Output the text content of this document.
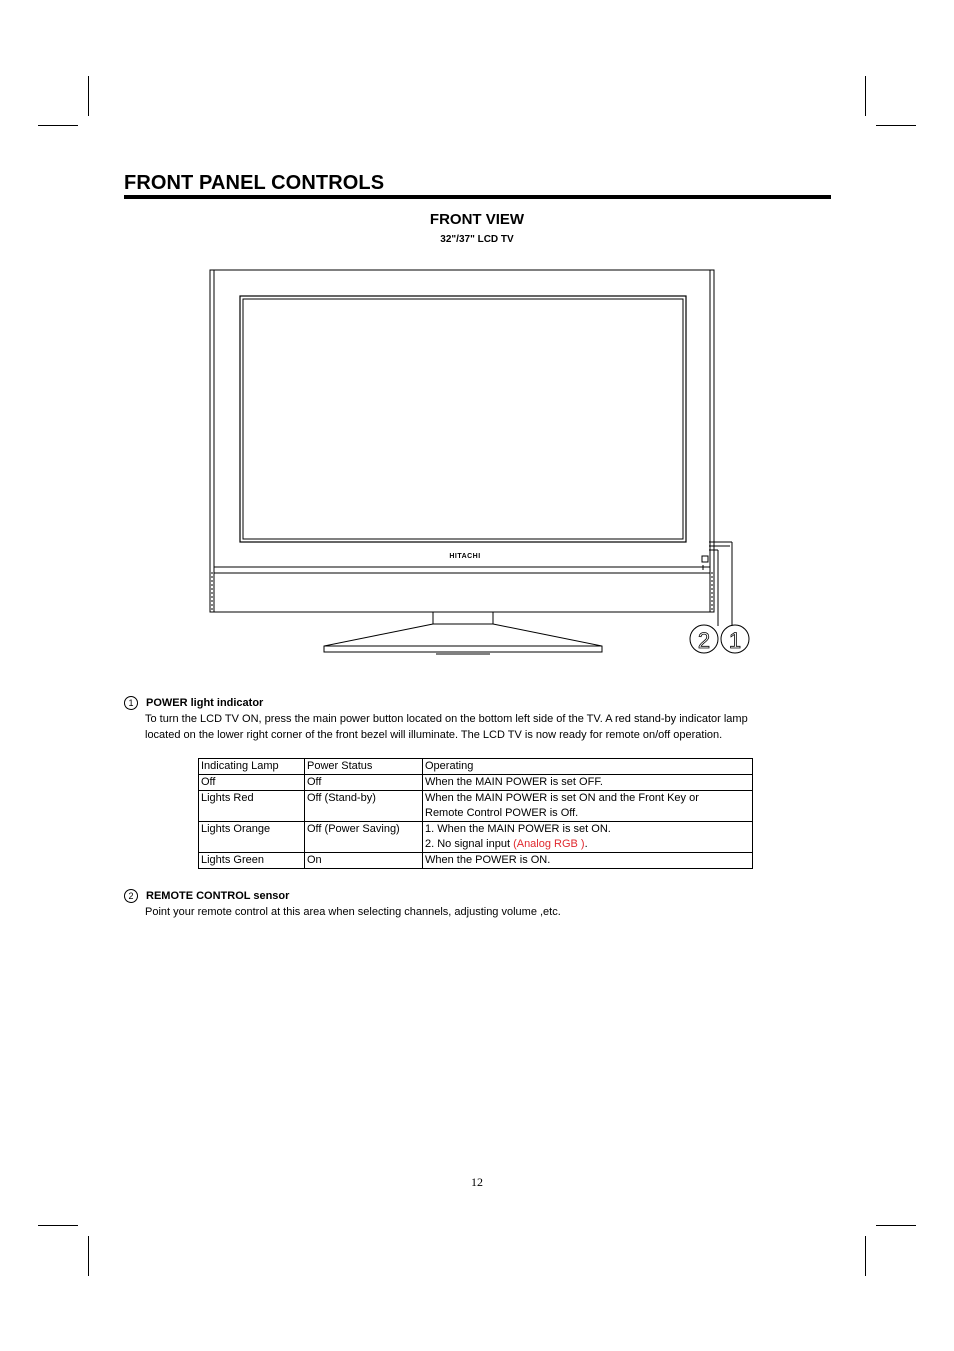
FRONT PANEL CONTROLS
FRONT VIEW
32"/37" LCD TV
HITACHI
2 1
1	POWER light indicator
To turn the LCD TV ON, press the main power button located on the bottom left side of the TV. A red stand-by indicator lamp
located on the lower right corner of the front bezel will illuminate. The LCD TV is now ready for remote on/off operation.
Indicating Lamp	Power Status	Operating
Off	Off	When the MAIN POWER is set OFF.
Lights Red	Off (Stand-by)	When the MAIN POWER is set ON and the Front Key or
Remote Control POWER is Off.

Lights Orange	Off (Power Saving)	1. When the MAIN POWER is set ON.
2. No signal input (Analog RGB ).

Lights Green	On	When the POWER is ON.
2	REMOTE CONTROL sensor
Point your remote control at this area when selecting channels, adjusting volume ,etc.
12
